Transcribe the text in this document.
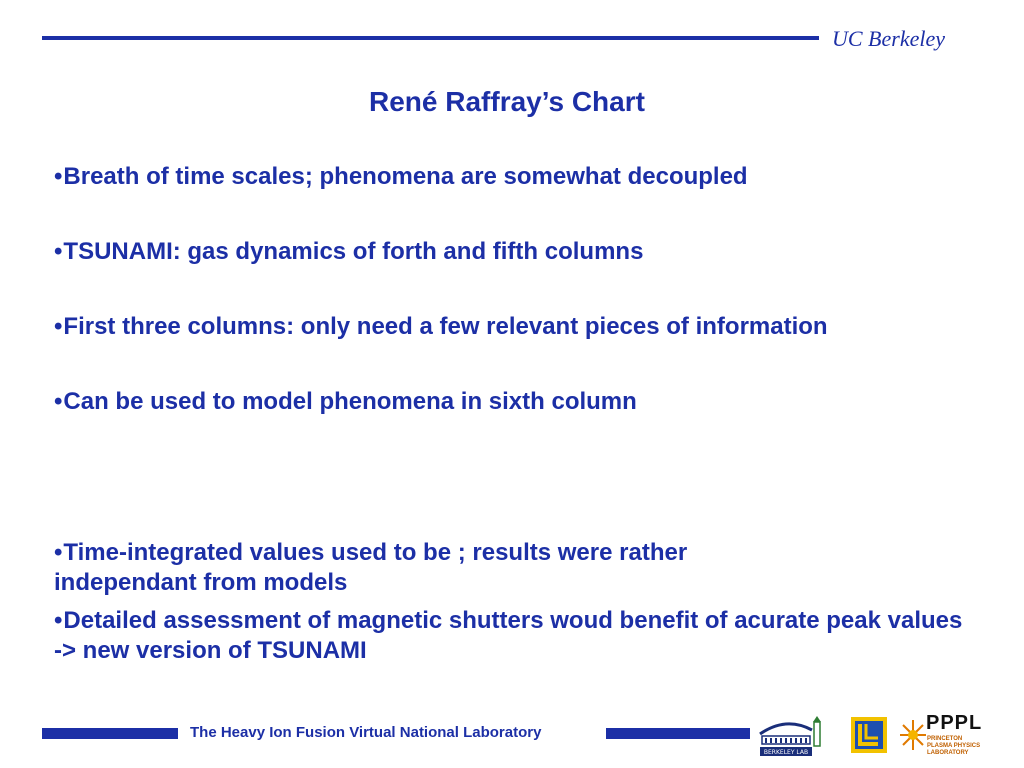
UC Berkeley
René Raffray’s Chart
•Breath of time scales; phenomena are somewhat decoupled
•TSUNAMI: gas dynamics of forth and fifth columns
•First three columns: only need a few relevant pieces of information
•Can be used to model phenomena in sixth column
•Time-integrated values used to be ; results were rather independant from models
•Detailed assessment of magnetic shutters woud benefit of acurate peak values -> new version of TSUNAMI
The Heavy Ion Fusion Virtual National Laboratory
BERKELEY LAB
PPPL
PRINCETON PLASMA PHYSICS LABORATORY
